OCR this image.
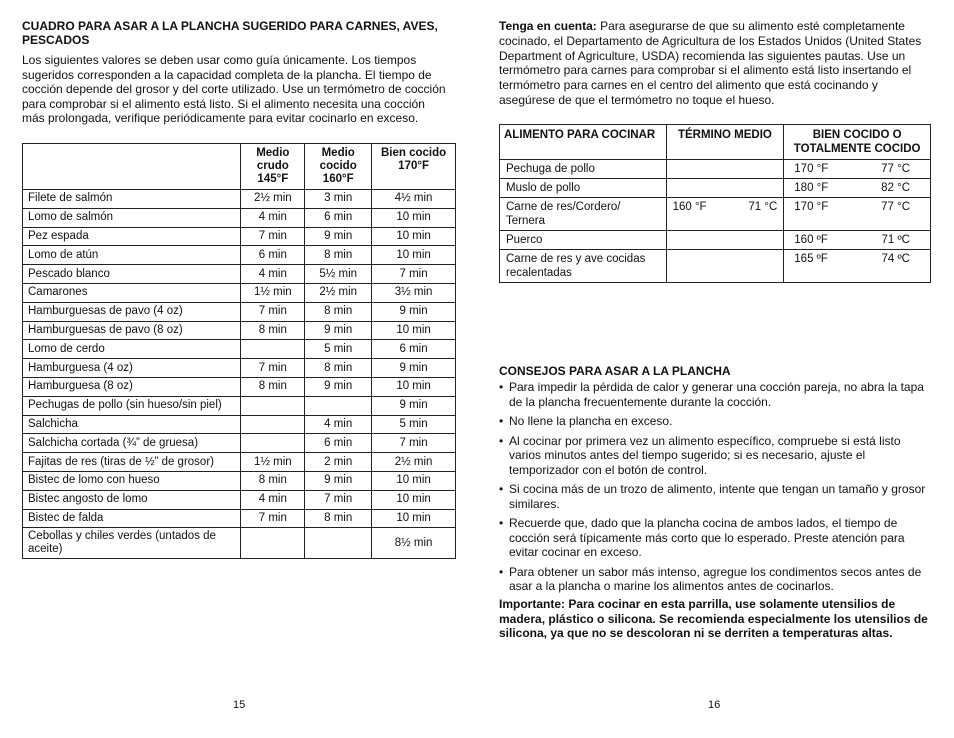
CUADRO PARA ASAR A LA PLANCHA SUGERIDO PARA CARNES, AVES, PESCADOS

Los siguientes valores se deben usar como guía únicamente. Los tiempos sugeridos corresponden a la capacidad completa de la plancha. El tiempo de cocción depende del grosor y del corte utilizado. Use un termómetro de cocción para comprobar si el alimento está listo. Si el alimento necesita una cocción más prolongada, verifique periódicamente para evitar cocinarlo en exceso.

	Medio crudo 145°F	Medio cocido 160°F	Bien cocido 170°F
Filete de salmón	2½ min	3 min	4½ min
Lomo de salmón	4 min	6 min	10 min
Pez espada	7 min	9 min	10 min
Lomo de atún	6 min	8 min	10 min
Pescado blanco	4 min	5½ min	7 min
Camarones	1½ min	2½ min	3½ min
Hamburguesas de pavo (4 oz)	7 min	8 min	9 min
Hamburguesas de pavo (8 oz)	8 min	9 min	10 min
Lomo de cerdo		5 min	6 min
Hamburguesa (4 oz)	7 min	8 min	9 min
Hamburguesa (8 oz)	8 min	9 min	10 min
Pechugas de pollo (sin hueso/sin piel)			9 min
Salchicha		4 min	5 min
Salchicha cortada (¾” de gruesa)		6 min	7 min
Fajitas de res (tiras de ½” de grosor)	1½ min	2 min	2½ min
Bistec de lomo con hueso	8 min	9 min	10 min
Bistec angosto de lomo	4 min	7 min	10 min
Bistec de falda	7 min	8 min	10 min
Cebollas y chiles verdes (untados de aceite)			8½ min
15

Tenga en cuenta: Para asegurarse de que su alimento esté completamente cocinado, el Departamento de Agricultura de los Estados Unidos (United States Department of Agriculture, USDA) recomienda las siguientes pautas. Use un termómetro para carnes para comprobar si el alimento está listo insertando el termómetro para carnes en el centro del alimento que está cocinando y asegúrese de que el termómetro no toque el hueso.

ALIMENTO PARA COCINAR	TÉRMINO MEDIO	BIEN COCIDO O TOTALMENTE COCIDO
Pechuga de pollo		170 °F 77 °C

Muslo de pollo		180 °F 82 °C

Carne de res/Cordero/ Ternera	160 °F 71 °C	170 °F 77 °C

Puerco		160 ºF 71 ºC

Carne de res y ave cocidas recalentadas		165 ºF 74 ºC
CONSEJOS PARA ASAR A LA PLANCHA
• Para impedir la pérdida de calor y generar una cocción pareja, no abra la tapa de la plancha frecuentemente durante la cocción.
• No llene la plancha en exceso.
• Al cocinar por primera vez un alimento específico, compruebe si está listo varios minutos antes del tiempo sugerido; si es necesario, ajuste el temporizador con el botón de control.
• Si cocina más de un trozo de alimento, intente que tengan un tamaño y grosor similares.
• Recuerde que, dado que la plancha cocina de ambos lados, el tiempo de cocción será típicamente más corto que lo esperado. Preste atención para evitar cocinar en exceso.
• Para obtener un sabor más intenso, agregue los condimentos secos antes de asar a la plancha o marine los alimentos antes de cocinarlos.

Importante: Para cocinar en esta parrilla, use solamente utensilios de madera, plástico o silicona. Se recomienda especialmente los utensilios de silicona, ya que no se descoloran ni se derriten a temperaturas altas.

16
